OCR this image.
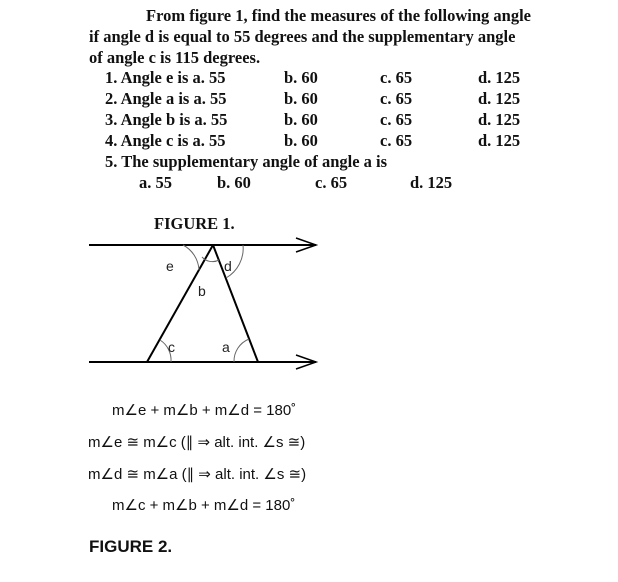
From figure 1, find the measures of the following angle
if angle d is equal to 55 degrees and the supplementary angle
of angle c is 115 degrees.
1. Angle e is a. 55	b. 60	c. 65	d. 125
2. Angle a is a. 55	b. 60	c. 65	d. 125
3. Angle b is a. 55	b. 60	c. 65	d. 125
4. Angle c is a. 55	b. 60	c. 65	d. 125
5. The supplementary angle of angle a is
a. 55	b. 60	c. 65	d. 125
FIGURE 1.
e	d
b
c	a
m∠e + m∠b + m∠d = 180˚
m∠e ≅ m∠c (∥ ⇒ alt. int. ∠s ≅)
m∠d ≅ m∠a (∥ ⇒ alt. int. ∠s ≅)
m∠c + m∠b + m∠d = 180˚
FIGURE 2.
